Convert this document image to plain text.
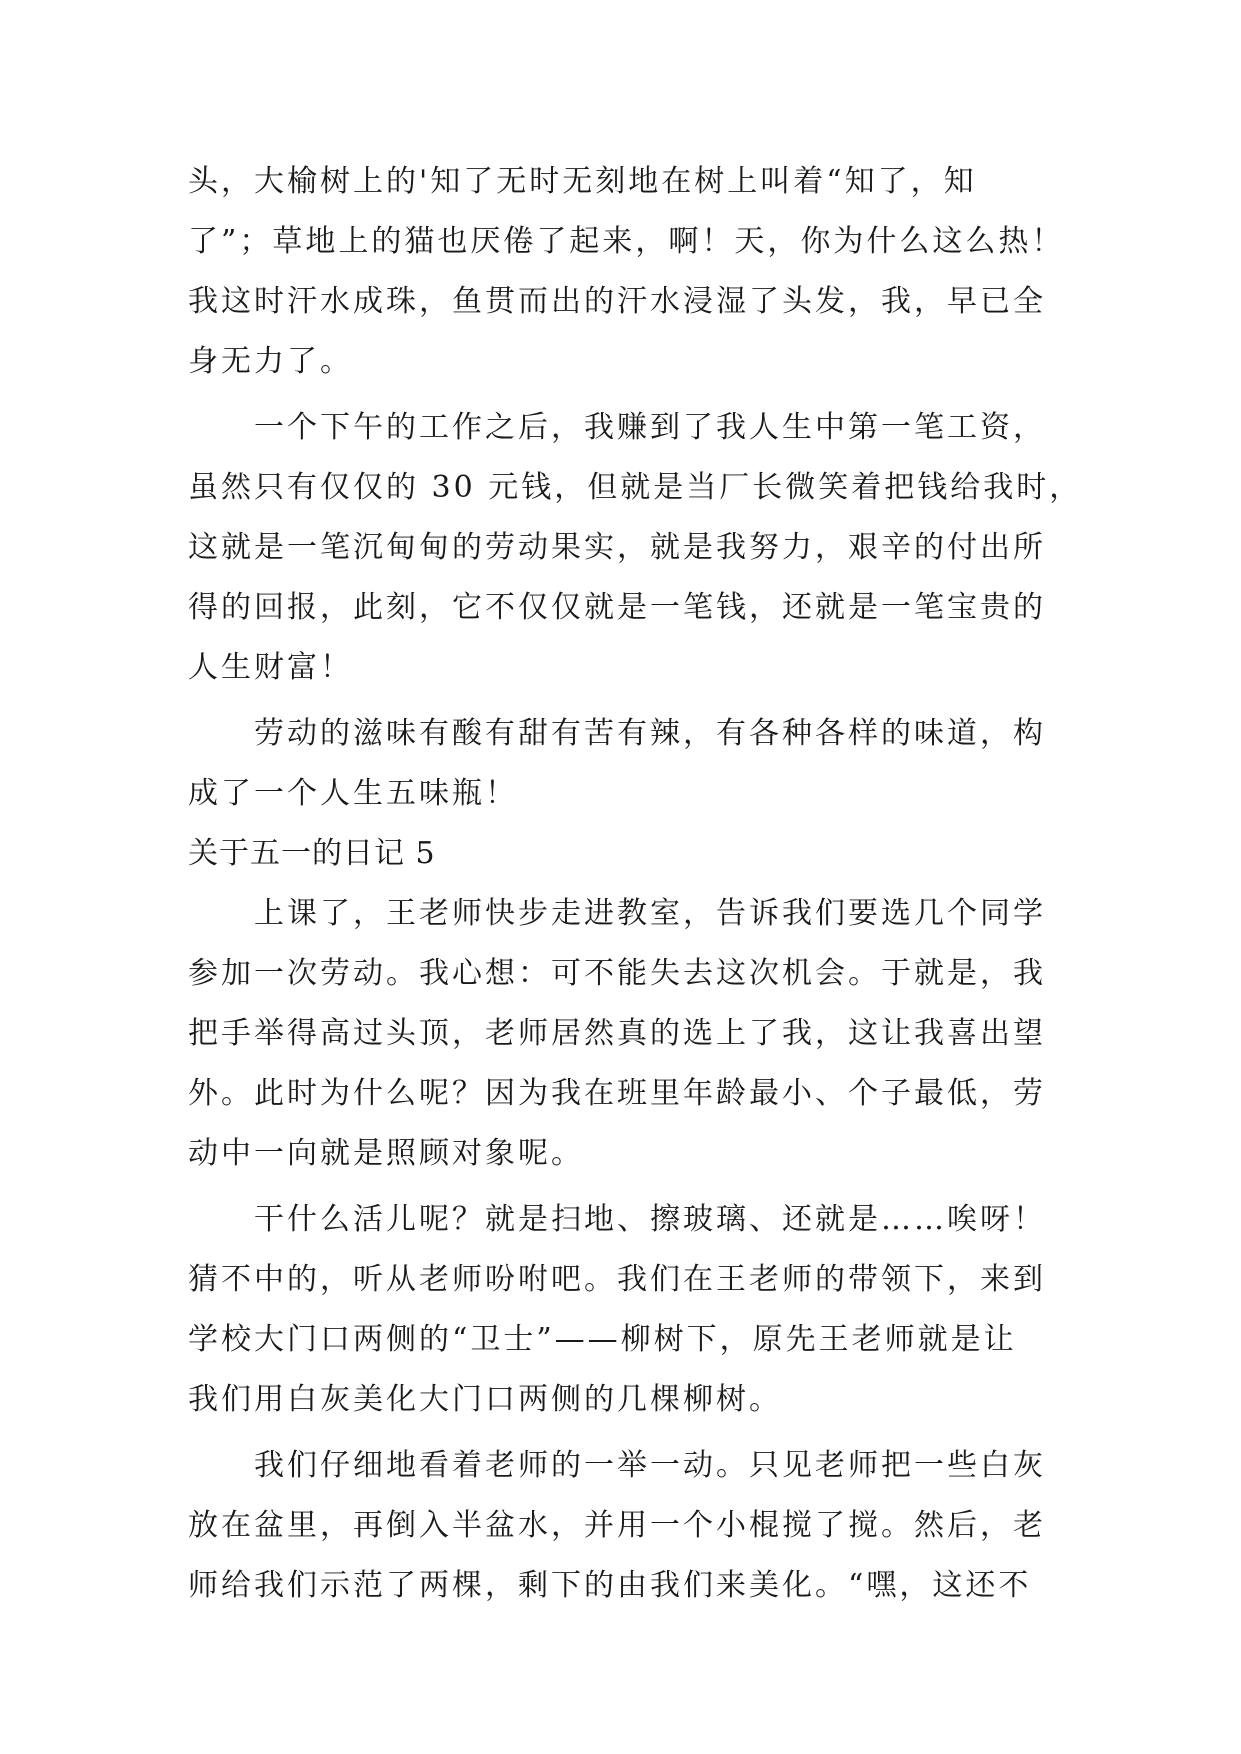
头，大榆树上的'知了无时无刻地在树上叫着“知了，知
了”；草地上的猫也厌倦了起来，啊！天，你为什么这么热！
我这时汗水成珠，鱼贯而出的汗水浸湿了头发，我，早已全
身无力了。
一个下午的工作之后，我赚到了我人生中第一笔工资，
虽然只有仅仅的 30 元钱，但就是当厂长微笑着把钱给我时，
这就是一笔沉甸甸的劳动果实，就是我努力，艰辛的付出所
得的回报，此刻，它不仅仅就是一笔钱，还就是一笔宝贵的
人生财富！
劳动的滋味有酸有甜有苦有辣，有各种各样的味道，构
成了一个人生五味瓶！
关于五一的日记 5
上课了，王老师快步走进教室，告诉我们要选几个同学
参加一次劳动。我心想：可不能失去这次机会。于就是，我
把手举得高过头顶，老师居然真的选上了我，这让我喜出望
外。此时为什么呢？因为我在班里年龄最小、个子最低，劳
动中一向就是照顾对象呢。
干什么活儿呢？就是扫地、擦玻璃、还就是……唉呀！
猜不中的，听从老师吩咐吧。我们在王老师的带领下，来到
学校大门口两侧的“卫士”——柳树下，原先王老师就是让
我们用白灰美化大门口两侧的几棵柳树。
我们仔细地看着老师的一举一动。只见老师把一些白灰
放在盆里，再倒入半盆水，并用一个小棍搅了搅。然后，老
师给我们示范了两棵，剩下的由我们来美化。“嘿，这还不
